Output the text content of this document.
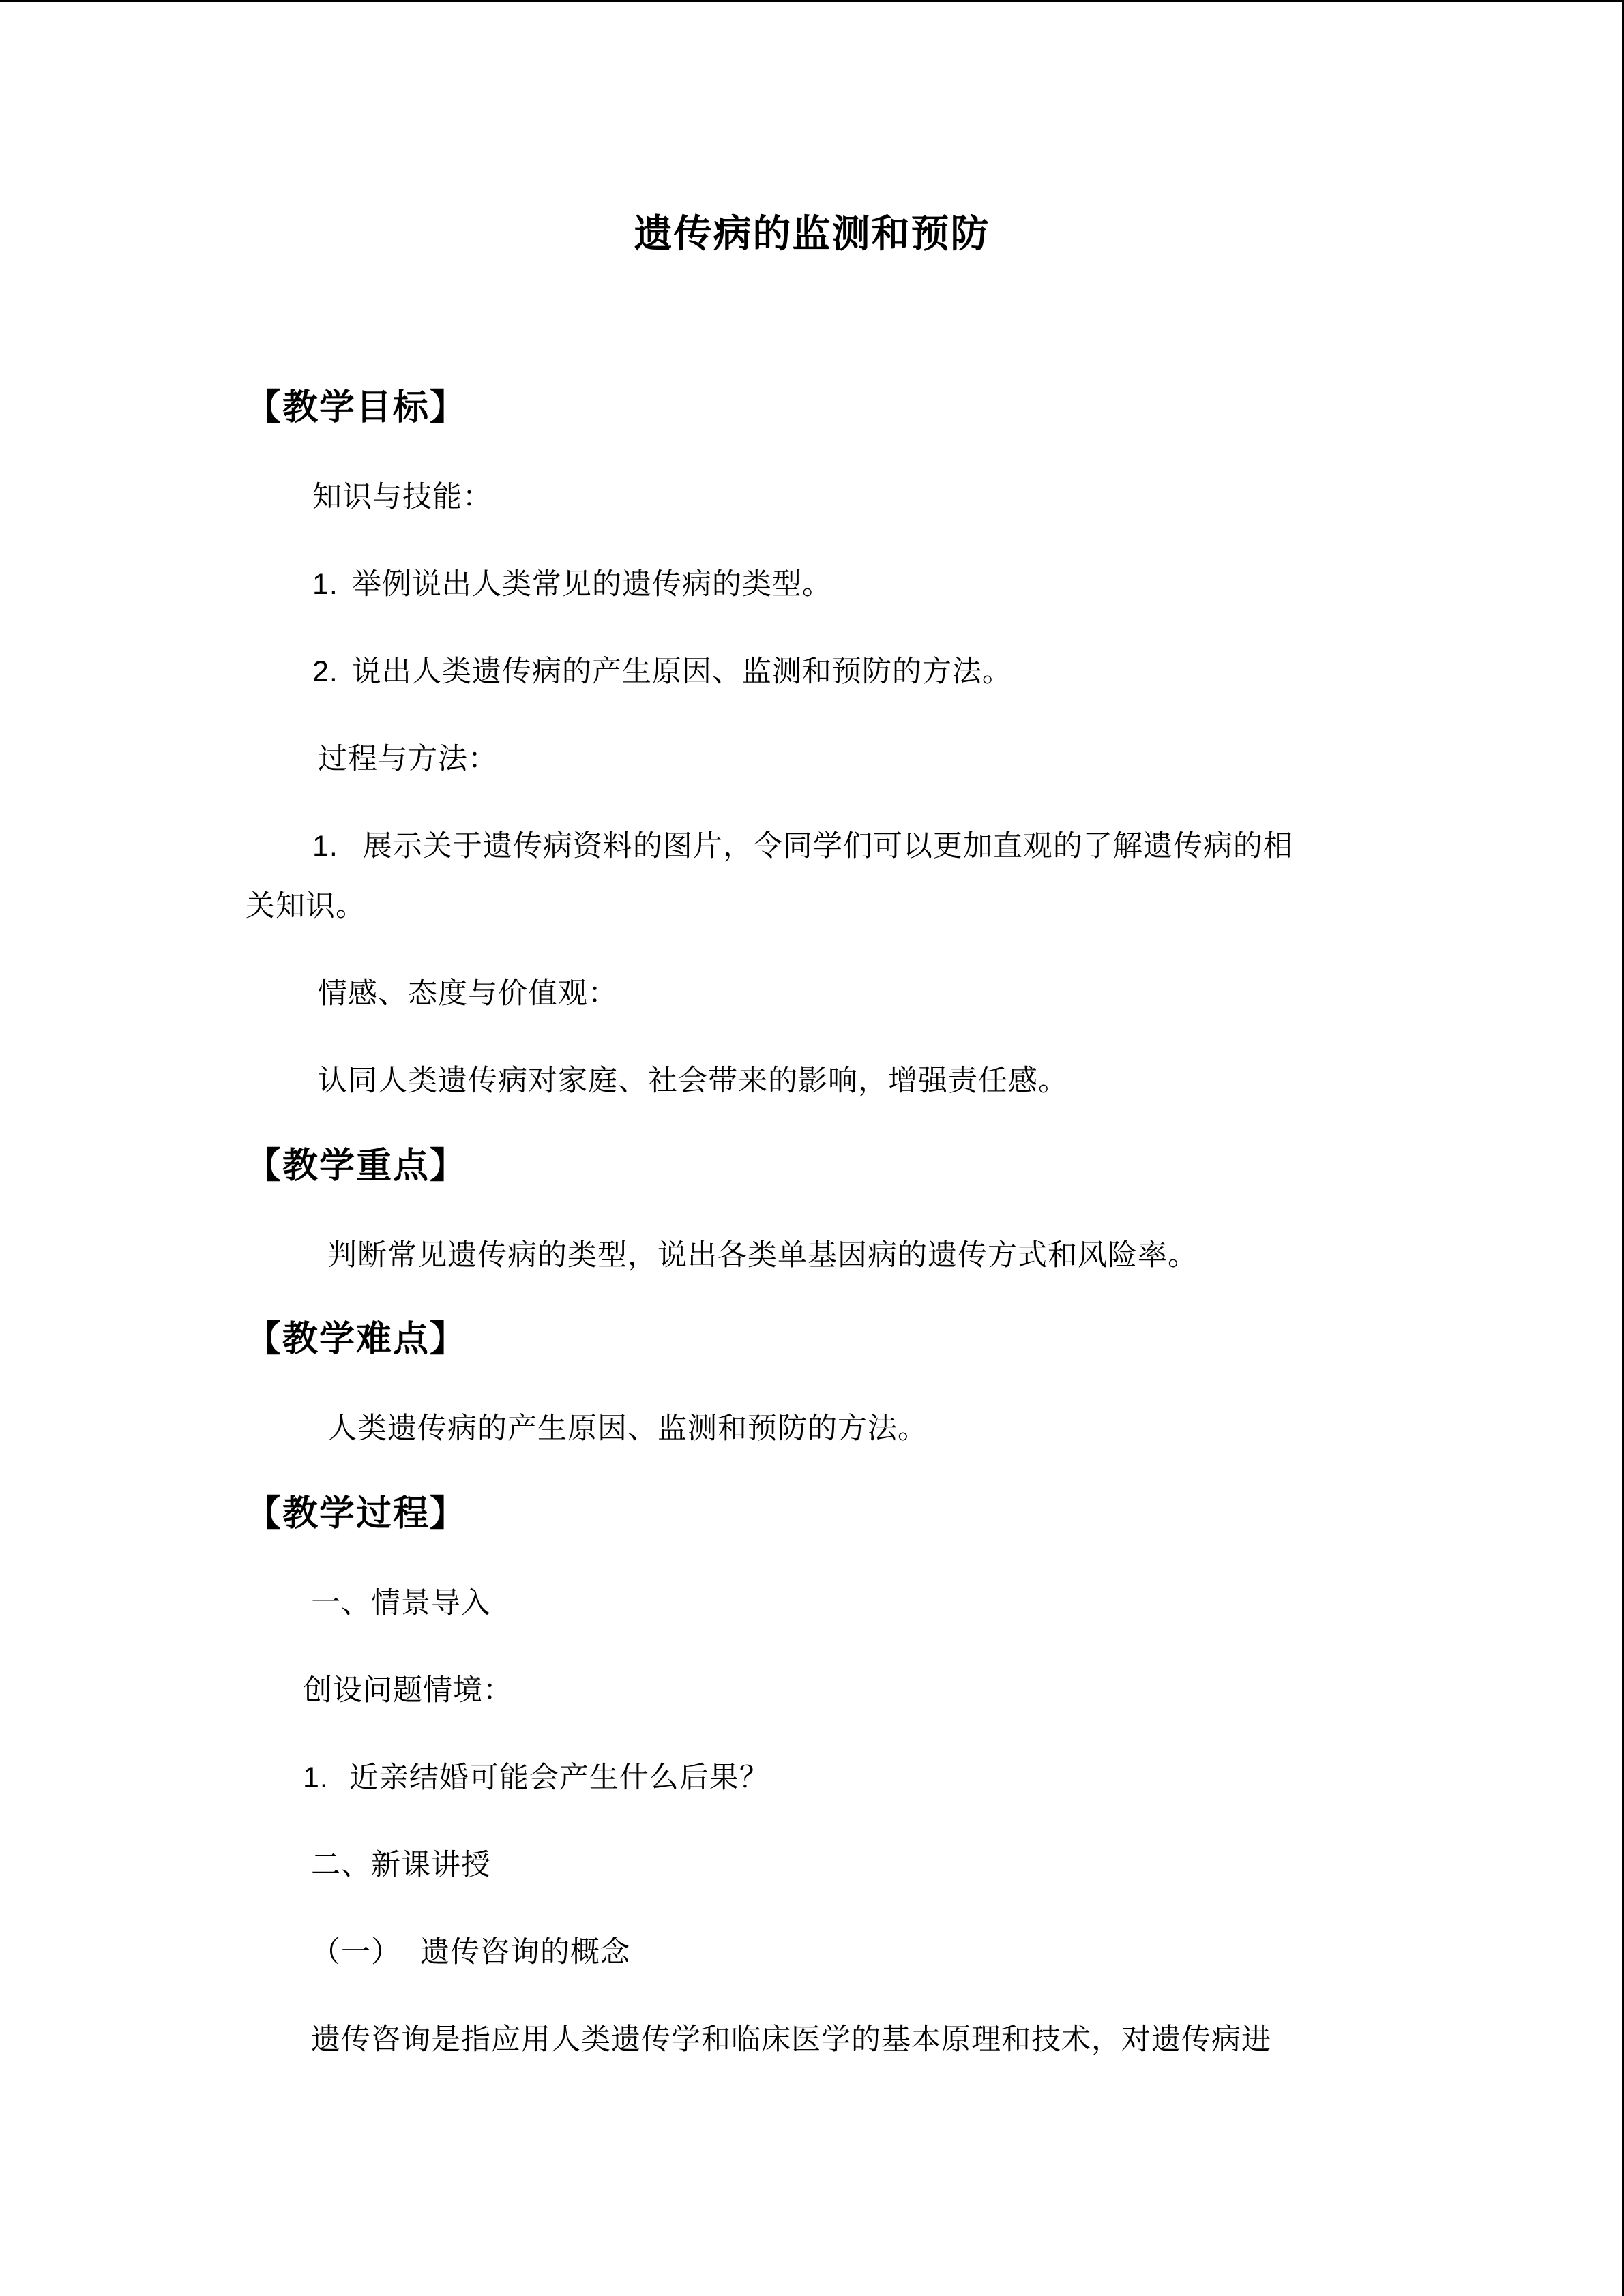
遗传病的监测和预防
【教学目标】
知识与技能：
1. 举例说出人类常见的遗传病的类型。
2. 说出人类遗传病的产生原因、监测和预防的方法。
过程与方法：
1. 展示关于遗传病资料的图片，令同学们可以更加直观的了解遗传病的相
关知识。
情感、态度与价值观：
认同人类遗传病对家庭、社会带来的影响，增强责任感。
【教学重点】
判断常见遗传病的类型，说出各类单基因病的遗传方式和风险率。
【教学难点】
人类遗传病的产生原因、监测和预防的方法。
【教学过程】
一、情景导入
创设问题情境：
1. 近亲结婚可能会产生什么后果？
二、新课讲授
（一） 遗传咨询的概念
遗传咨询是指应用人类遗传学和临床医学的基本原理和技术，对遗传病进
